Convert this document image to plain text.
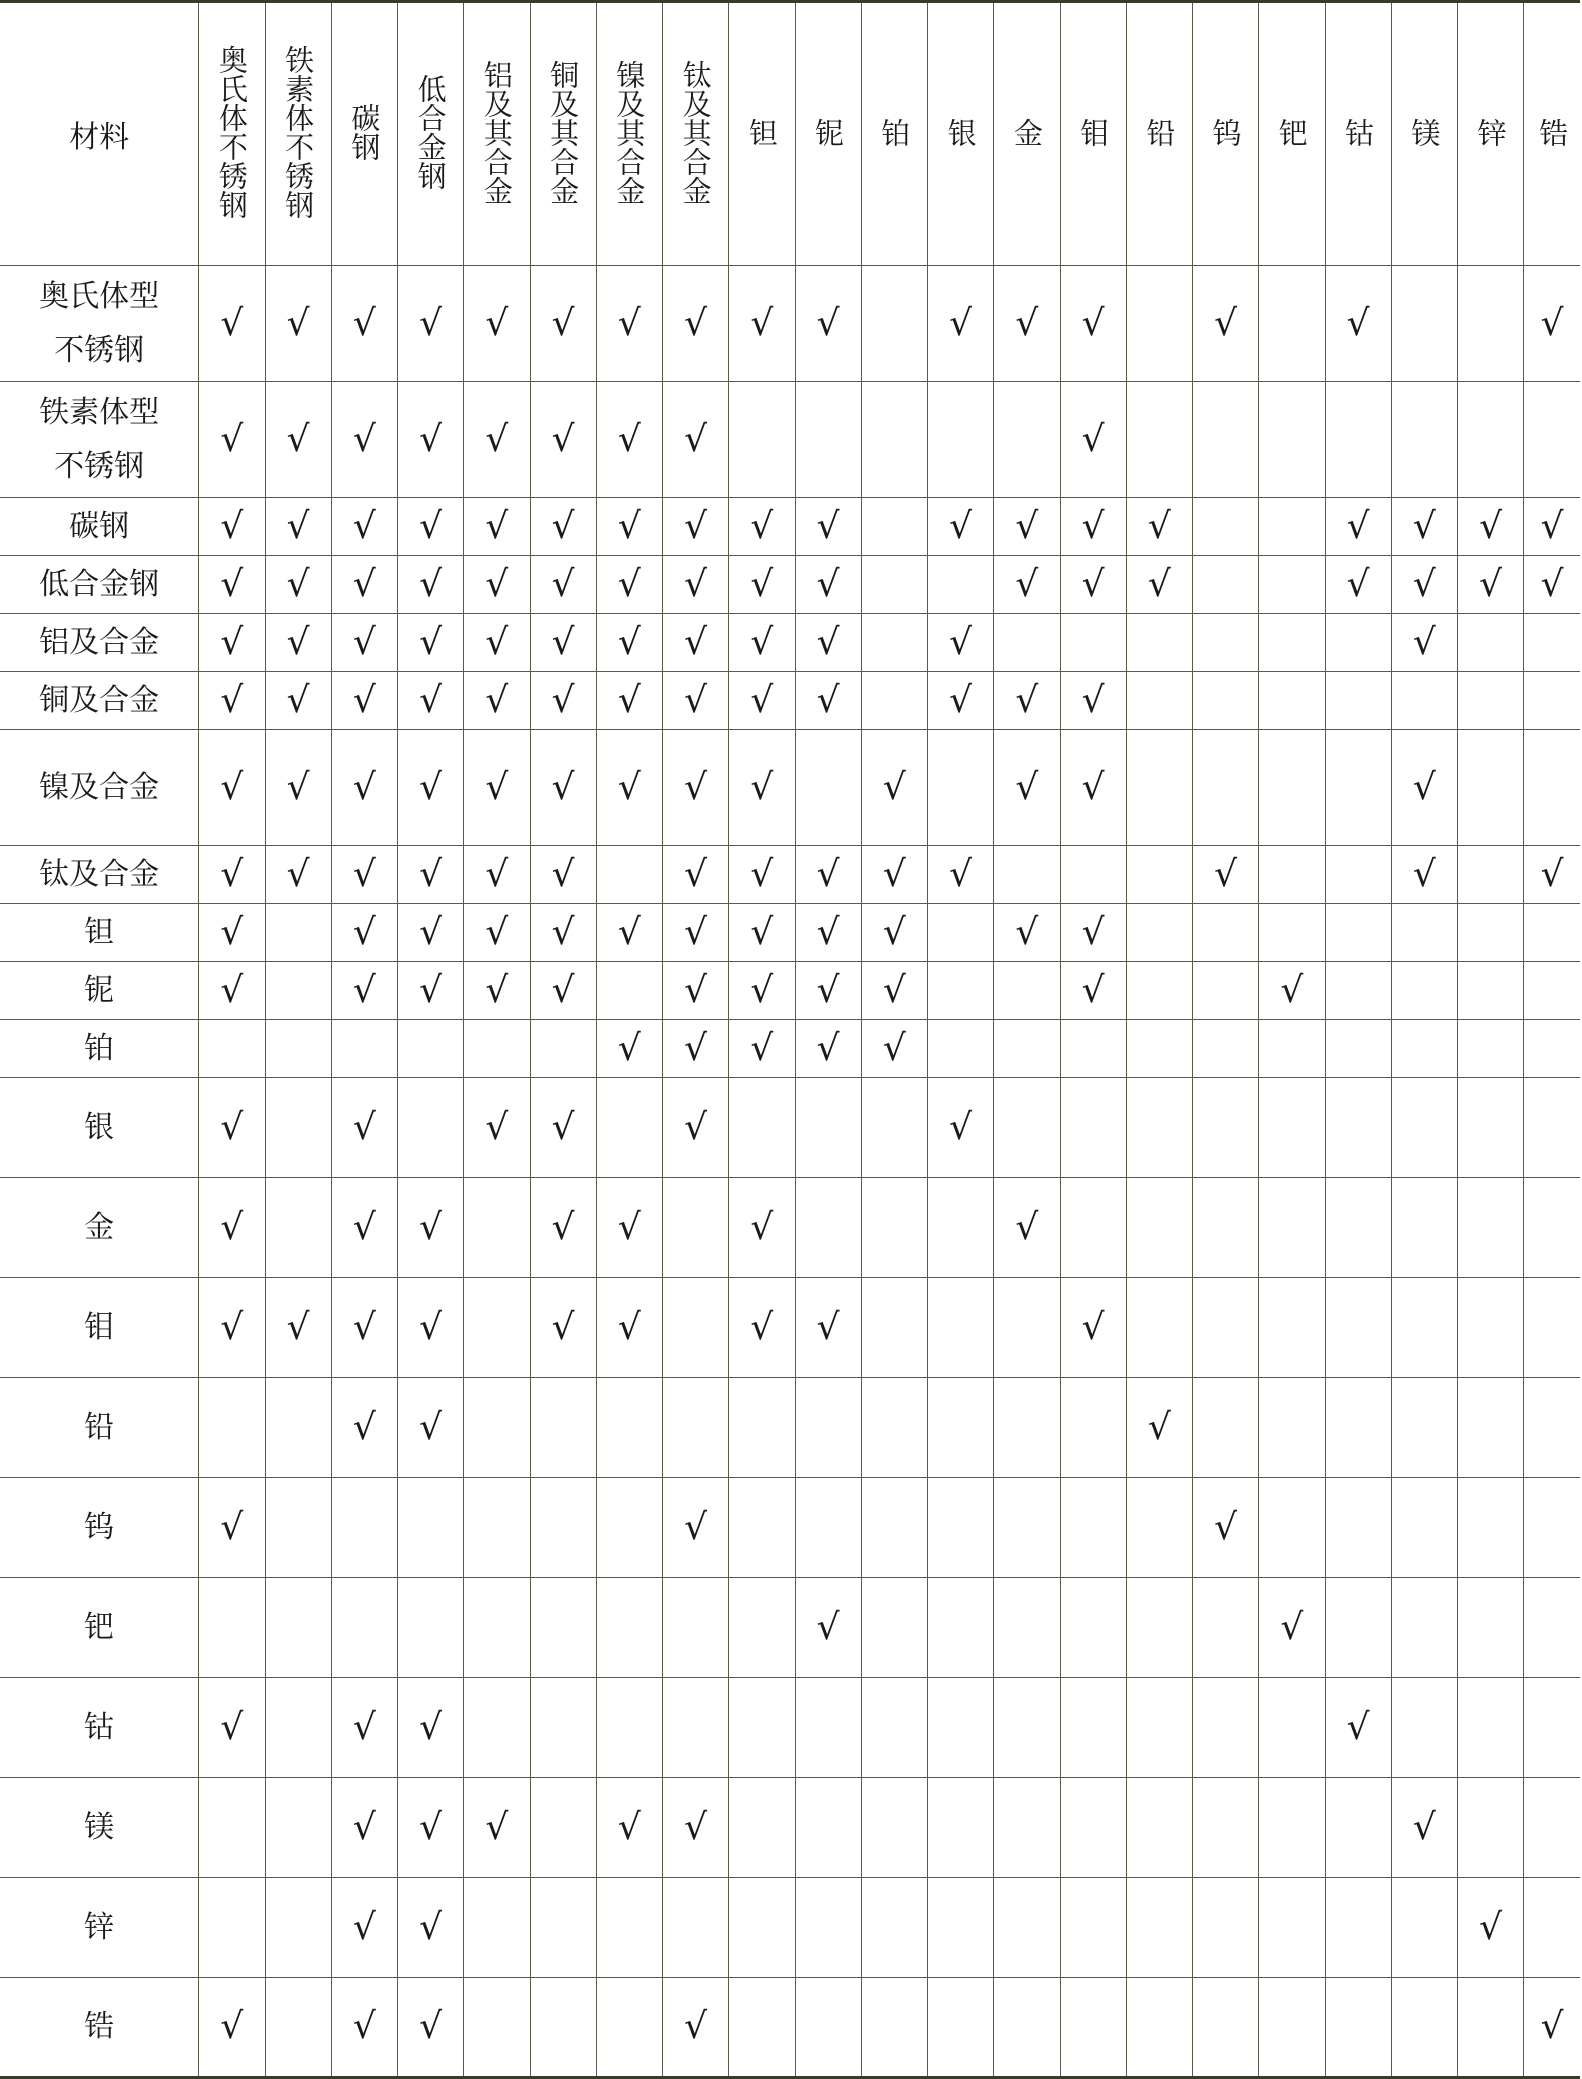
材料	奥氏体不锈钢	铁素体不锈钢	碳钢	低合金钢	铝及其合金	铜及其合金	镍及其合金	钛及其合金	钽	铌	铂	银	金	钼	铅	钨	钯	钴	镁	锌	锆
奥氏体型
不锈钢	√	√	√	√	√	√	√	√	√	√		√	√	√		√		√			√
铁素体型
不锈钢	√	√	√	√	√	√	√	√						√							
碳钢	√	√	√	√	√	√	√	√	√	√		√	√	√	√			√	√	√	√
低合金钢	√	√	√	√	√	√	√	√	√	√			√	√	√			√	√	√	√
铝及合金	√	√	√	√	√	√	√	√	√	√		√							√		
铜及合金	√	√	√	√	√	√	√	√	√	√		√	√	√							
镍及合金	√	√	√	√	√	√	√	√	√		√		√	√					√		
钛及合金	√	√	√	√	√	√		√	√	√	√	√				√			√		√
钽	√		√	√	√	√	√	√	√	√	√		√	√							
铌	√		√	√	√	√		√	√	√	√			√			√				
铂							√	√	√	√	√										
银	√		√		√	√		√				√									
金	√		√	√		√	√		√				√								
钼	√	√	√	√		√	√		√	√				√							
铅			√	√											√						
钨	√							√								√					
钯										√							√				
钴	√		√	√														√			
镁			√	√	√		√	√											√		
锌			√	√																√	
锆	√		√	√				√													√
